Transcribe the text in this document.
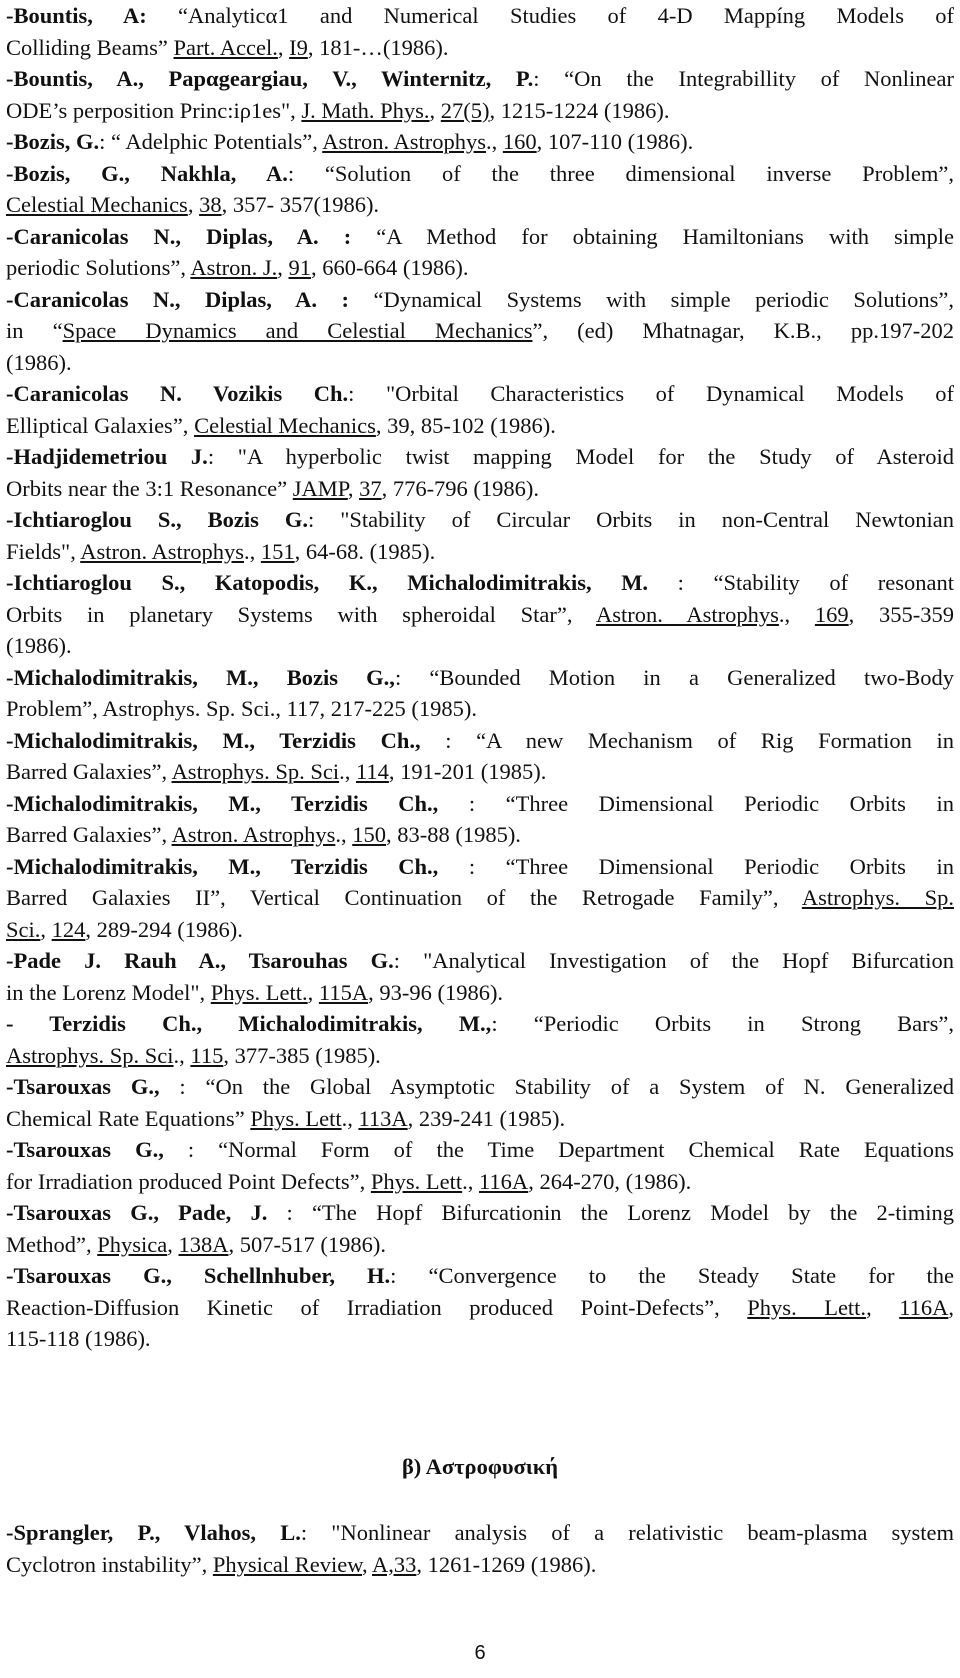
-Bountis, A: “Analyticα1 and Numerical Studies of 4-D Mappíng Models of
Colliding Beams” Part. Accel., I9, 181-…(1986).
-Bountis, A., Papαgeargiau, V., Winternitz, P.: “On the Integrabillity of Nonlinear
ODE’s perposition Princ:iρ1es", J. Math. Phys., 27(5), 1215-1224 (1986).
-Bozis, G.: “ Adelphic Potentials”, Astron. Astrophys., 160, 107-110 (1986).
-Bozis, G., Nakhla, A.: “Solution of the three dimensional inverse Problem”,
Celestial Mechanics, 38, 357- 357(1986).
-Caranicolas N., Diplas, A. : “A Method for obtaining Hamiltonians with simple
periodic Solutions”, Astron. J., 91, 660-664 (1986).
-Caranicolas N., Diplas, A. : “Dynamical Systems with simple periodic Solutions”,
in “Space Dynamics and Celestial Mechanics”, (ed) Mhatnagar, K.B., pp.197-202
(1986).
-Caranicolas N. Vozikis Ch.: "Orbital Characteristics of Dynamical Models of
Elliptical Galaxies”, Celestial Mechanics, 39, 85-102 (1986).
-Hadjidemetriou J.: "A hyperbolic twist mapping Model for the Study of Asteroid
Orbits near the 3:1 Resonance” JAMP, 37, 776-796 (1986).
-Ichtiaroglou S., Bozis G.: "Stability of Circular Orbits in non-Central Newtonian
Fields", Astron. Astrophys., 151, 64-68. (1985).
-Ichtiaroglou S., Katopodis, K., Michalodimitrakis, M. : “Stability of resonant
Orbits in planetary Systems with spheroidal Star”, Astron. Astrophys., 169, 355-359
(1986).
-Michalodimitrakis, M., Bozis G.,: “Bounded Motion in a Generalized two-Body
Problem”, Astrophys. Sp. Sci., 117, 217-225 (1985).
-Michalodimitrakis, M., Terzidis Ch., : “A new Mechanism of Rig Formation in
Barred Galaxies”, Astrophys. Sp. Sci., 114, 191-201 (1985).
-Michalodimitrakis, M., Terzidis Ch., : “Three Dimensional Periodic Orbits in
Barred Galaxies”, Astron. Astrophys., 150, 83-88 (1985).
-Michalodimitrakis, M., Terzidis Ch., : “Three Dimensional Periodic Orbits in
Barred Galaxies II”, Vertical Continuation of the Retrogade Family”, Astrophys. Sp.
Sci., 124, 289-294 (1986).
-Pade J. Rauh A., Tsarouhas G.: "Analytical Investigation of the Hopf Bifurcation
in the Lorenz Model", Phys. Lett., 115A, 93-96 (1986).
- Terzidis Ch., Michalodimitrakis, M.,: “Periodic Orbits in Strong Bars”,
Astrophys. Sp. Sci., 115, 377-385 (1985).
-Tsarouxas G., : “On the Global Asymptotic Stability of a System of N. Generalized
Chemical Rate Equations” Phys. Lett., 113A, 239-241 (1985).
-Tsarouxas G., : “Normal Form of the Time Department Chemical Rate Equations
for Irradiation produced Point Defects”, Phys. Lett., 116A, 264-270, (1986).
-Tsarouxas G., Pade, J. : “The Hopf Bifurcationin the Lorenz Model by the 2-timing
Method”, Physica, 138A, 507-517 (1986).
-Tsarouxas G., Schellnhuber, H.: “Convergence to the Steady State for the
Reaction-Diffusion Kinetic of Irradiation produced Point-Defects”, Phys. Lett., 116A,
115-118 (1986).
β) Αστροφυσική
-Sprangler, P., Vlahos, L.: "Nonlinear analysis of a relativistic beam-plasma system
Cyclotron instability”, Physical Review, A,33, 1261-1269 (1986).
6
